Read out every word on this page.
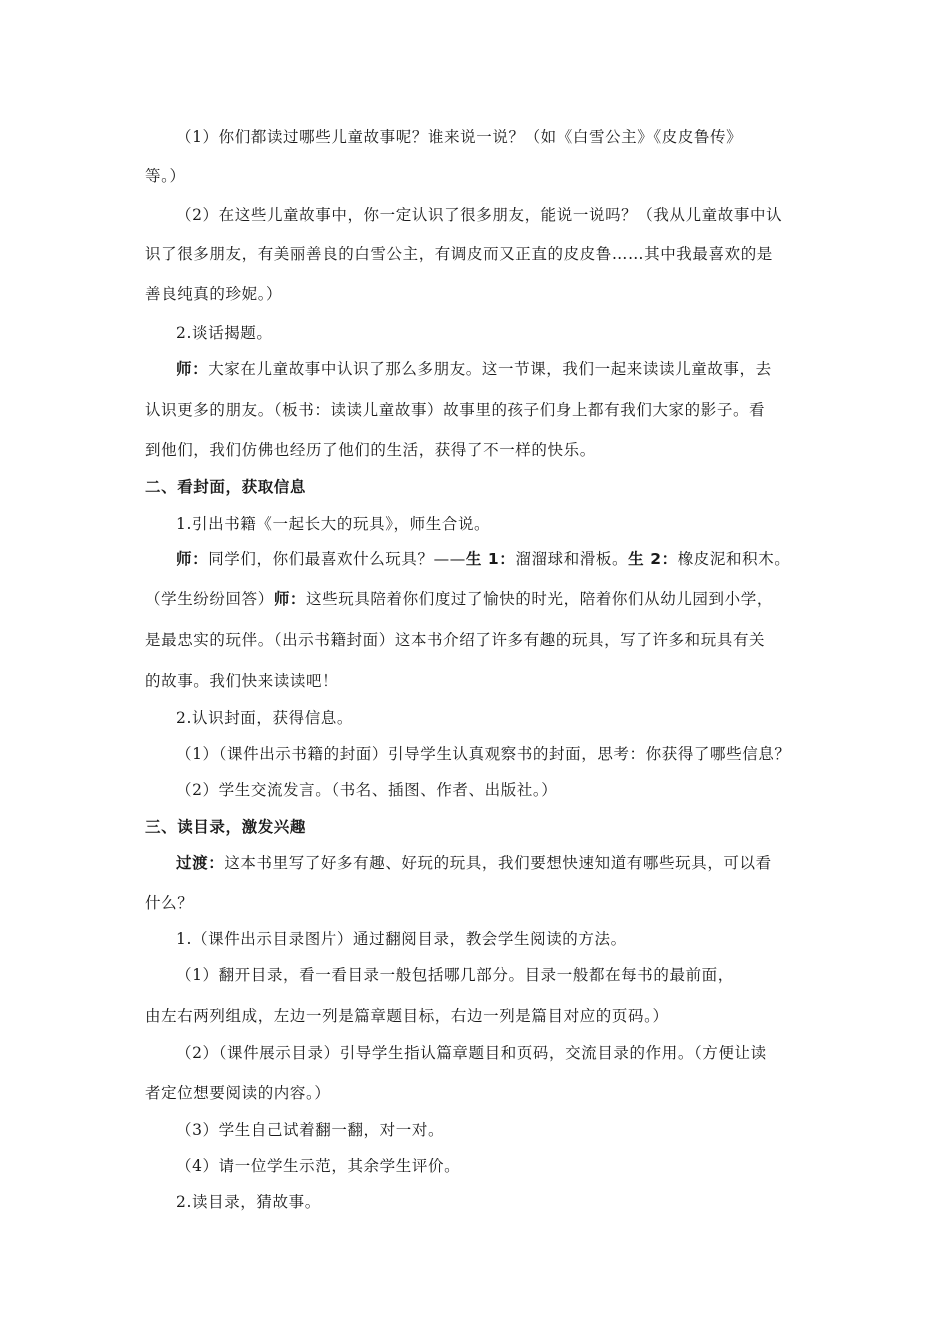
（1）你们都读过哪些儿童故事呢？谁来说一说？（如《白雪公主》《皮皮鲁传》
等。）
（2）在这些儿童故事中，你一定认识了很多朋友，能说一说吗？（我从儿童故事中认
识了很多朋友，有美丽善良的白雪公主，有调皮而又正直的皮皮鲁……其中我最喜欢的是
善良纯真的珍妮。）
2.谈话揭题。
师：大家在儿童故事中认识了那么多朋友。这一节课，我们一起来读读儿童故事，去
认识更多的朋友。（板书：读读儿童故事）故事里的孩子们身上都有我们大家的影子。看
到他们，我们仿佛也经历了他们的生活，获得了不一样的快乐。
二、看封面，获取信息
1.引出书籍《一起长大的玩具》，师生合说。
师：同学们，你们最喜欢什么玩具？——生 1：溜溜球和滑板。生 2：橡皮泥和积木。
（学生纷纷回答）师：这些玩具陪着你们度过了愉快的时光，陪着你们从幼儿园到小学，
是最忠实的玩伴。（出示书籍封面）这本书介绍了许多有趣的玩具，写了许多和玩具有关
的故事。我们快来读读吧！
2.认识封面，获得信息。
（1）（课件出示书籍的封面）引导学生认真观察书的封面，思考：你获得了哪些信息？
（2）学生交流发言。（书名、插图、作者、出版社。）
三、读目录，激发兴趣
过渡：这本书里写了好多有趣、好玩的玩具，我们要想快速知道有哪些玩具，可以看
什么？
1.（课件出示目录图片）通过翻阅目录，教会学生阅读的方法。
（1）翻开目录，看一看目录一般包括哪几部分。目录一般都在每书的最前面，
由左右两列组成，左边一列是篇章题目标，右边一列是篇目对应的页码。）
（2）（课件展示目录）引导学生指认篇章题目和页码，交流目录的作用。（方便让读
者定位想要阅读的内容。）
（3）学生自己试着翻一翻，对一对。
（4）请一位学生示范，其余学生评价。
2.读目录，猜故事。
